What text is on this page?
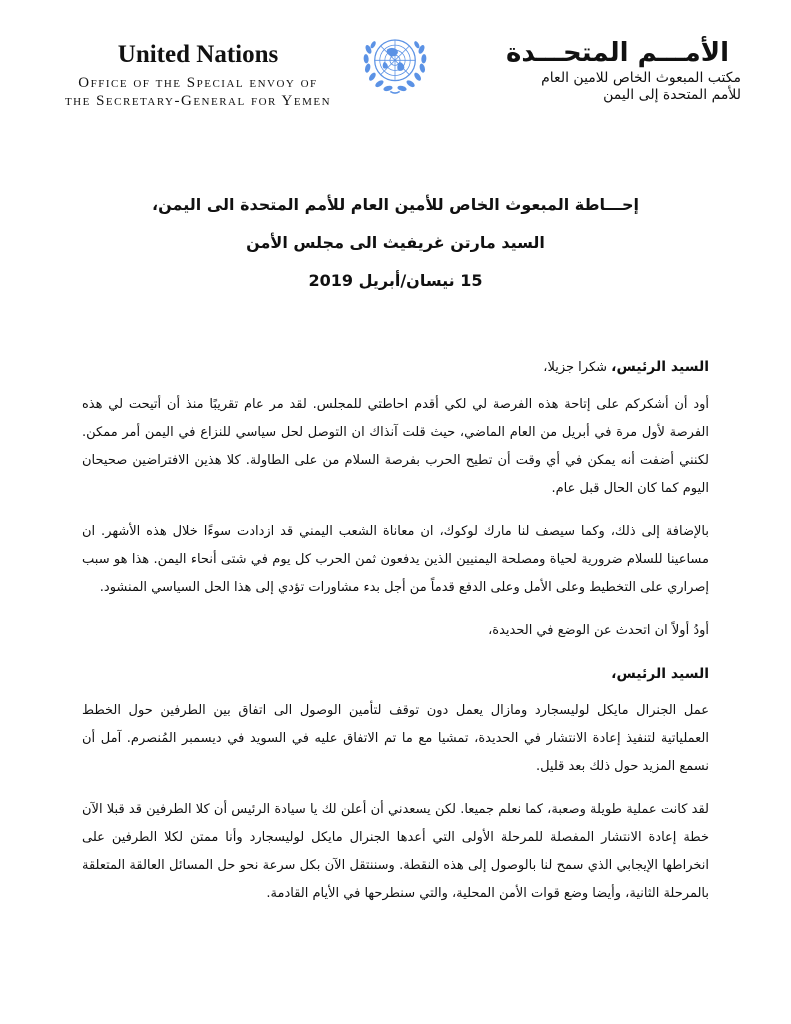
United Nations
Office of the Special envoy of
the Secretary-General for Yemen
الأمـــم المتحـــدة
مكتب المبعوث الخاص للامين العام
للأمم المتحدة إلى اليمن
إحـــاطة المبعوث الخاص للأمين العام للأمم المتحدة الى اليمن،
السيد مارتن غريفيث الى مجلس الأمن
15 نيسان/أبريل 2019

السيد الرئيس، شكرا جزيلا،

أود أن أشكركم على إتاحة هذه الفرصة لي لكي أقدم احاطتي للمجلس. لقد مر عام تقريبًا منذ أن أتيحت لي هذه الفرصة لأول مرة في أبريل من العام الماضي، حيث قلت آنذاك ان التوصل لحل سياسي للنزاع في اليمن أمر ممكن. لكنني أضفت أنه يمكن في أي وقت أن تطيح الحرب بفرصة السلام من على الطاولة. كلا هذين الافتراضين صحيحان اليوم كما كان الحال قبل عام.

بالإضافة إلى ذلك، وكما سيصف لنا مارك لوكوك، ان معاناة الشعب اليمني قد ازدادت سوءًا خلال هذه الأشهر. ان مساعينا للسلام ضرورية لحياة ومصلحة اليمنيين الذين يدفعون ثمن الحرب كل يوم في شتى أنحاء اليمن. هذا هو سبب إصراري على التخطيط وعلى الأمل وعلى الدفع قدماً من أجل بدء مشاورات تؤدي إلى هذا الحل السياسي المنشود.

أودُ أولاً ان اتحدث عن الوضع في الحديدة،

السيد الرئيس،

عمل الجنرال مايكل لوليسجارد ومازال يعمل دون توقف لتأمين الوصول الى اتفاق بين الطرفين حول الخطط العملياتية لتنفيذ إعادة الانتشار في الحديدة، تمشيا مع ما تم الاتفاق عليه في السويد في ديسمبر المُنصرم. آمل أن نسمع المزيد حول ذلك بعد قليل.

لقد كانت عملية طويلة وصعبة، كما نعلم جميعا. لكن يسعدني أن أعلن لك يا سيادة الرئيس أن كلا الطرفين قد قبلا الآن خطة إعادة الانتشار المفصلة للمرحلة الأولى التي أعدها الجنرال مايكل لوليسجارد وأنا ممتن لكلا الطرفين على انخراطها الإيجابي الذي سمح لنا بالوصول إلى هذه النقطة. وسننتقل الآن بكل سرعة نحو حل المسائل العالقة المتعلقة بالمرحلة الثانية، وأيضا وضع قوات الأمن المحلية، والتي سنطرحها في الأيام القادمة.
